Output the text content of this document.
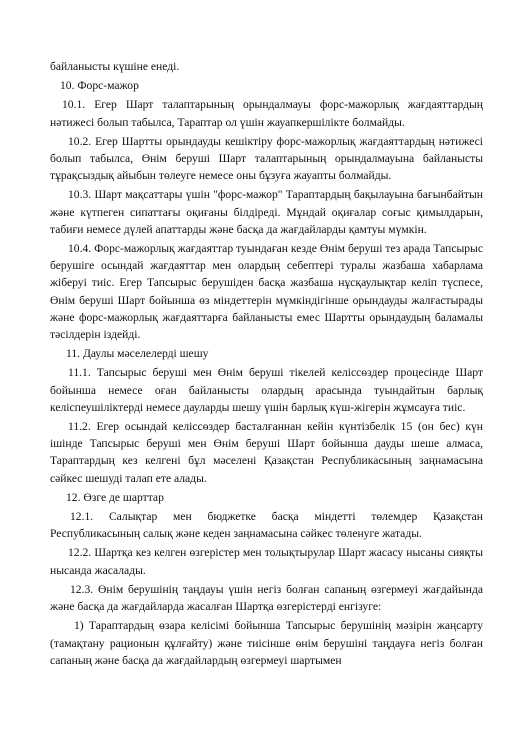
байланысты күшіне енеді.

10. Форс-мажор

10.1. Егер Шарт талаптарының орындалмауы форс-мажорлық жағдаяттардың нәтижесі болып табылса, Тараптар ол үшін жауапкершілікте болмайды.

10.2. Егер Шартты орындауды кешіктіру форс-мажорлық жағдаяттардың нәтижесі болып табылса, Өнім беруші Шарт талаптарының орындалмауына байланысты тұрақсыздық айыбын төлеуге немесе оны бұзуға жауапты болмайды.

10.3. Шарт мақсаттары үшін "форс-мажор" Тараптардың бақылауына бағынбайтын және күтпеген сипаттағы оқиғаны білдіреді. Мұндай оқиғалар соғыс қимылдарын, табиғи немесе дүлей апаттарды және басқа да жағдайларды қамтуы мүмкін.

10.4. Форс-мажорлық жағдаяттар туындаған кезде Өнім беруші тез арада Тапсырыс берушіге осындай жағдаяттар мен олардың себептері туралы жазбаша хабарлама жіберуі тиіс. Егер Тапсырыс берушіден басқа жазбаша нұсқаулықтар келіп түспесе, Өнім беруші Шарт бойынша өз міндеттерін мүмкіндігінше орындауды жалғастырады және форс-мажорлық жағдаяттарға байланысты емес Шартты орындаудың баламалы тәсілдерін іздейді.

11. Даулы мәселелерді шешу

11.1. Тапсырыс беруші мен Өнім беруші тікелей келіссөздер процесінде Шарт бойынша немесе оған байланысты олардың арасында туындайтын барлық келіспеушіліктерді немесе дауларды шешу үшін барлық күш-жігерін жұмсауға тиіс.

11.2. Егер осындай келіссөздер басталғаннан кейін күнтізбелік 15 (он бес) күн ішінде Тапсырыс беруші мен Өнім беруші Шарт бойынша дауды шеше алмаса, Тараптардың кез келгені бұл мәселені Қазақстан Республикасының заңнамасына сәйкес шешуді талап ете алады.

12. Өзге де шарттар

12.1. Салықтар мен бюджетке басқа міндетті төлемдер Қазақстан Республикасының салық және кеден заңнамасына сәйкес төленуге жатады.

12.2. Шартқа кез келген өзгерістер мен толықтырулар Шарт жасасу нысаны сияқты нысанда жасалады.

12.3. Өнім берушінің таңдауы үшін негіз болған сапаның өзгермеуі жағдайында және басқа да жағдайларда жасалған Шартқа өзгерістерді енгізуге:

1) Тараптардың өзара келісімі бойынша Тапсырыс берушінің мәзірін жаңсарту (тамақтану рационын құлғайту) және тиісінше өнім берушіні таңдауға негіз болған сапаның және басқа да жағдайлардың өзгермеуі шартымен
